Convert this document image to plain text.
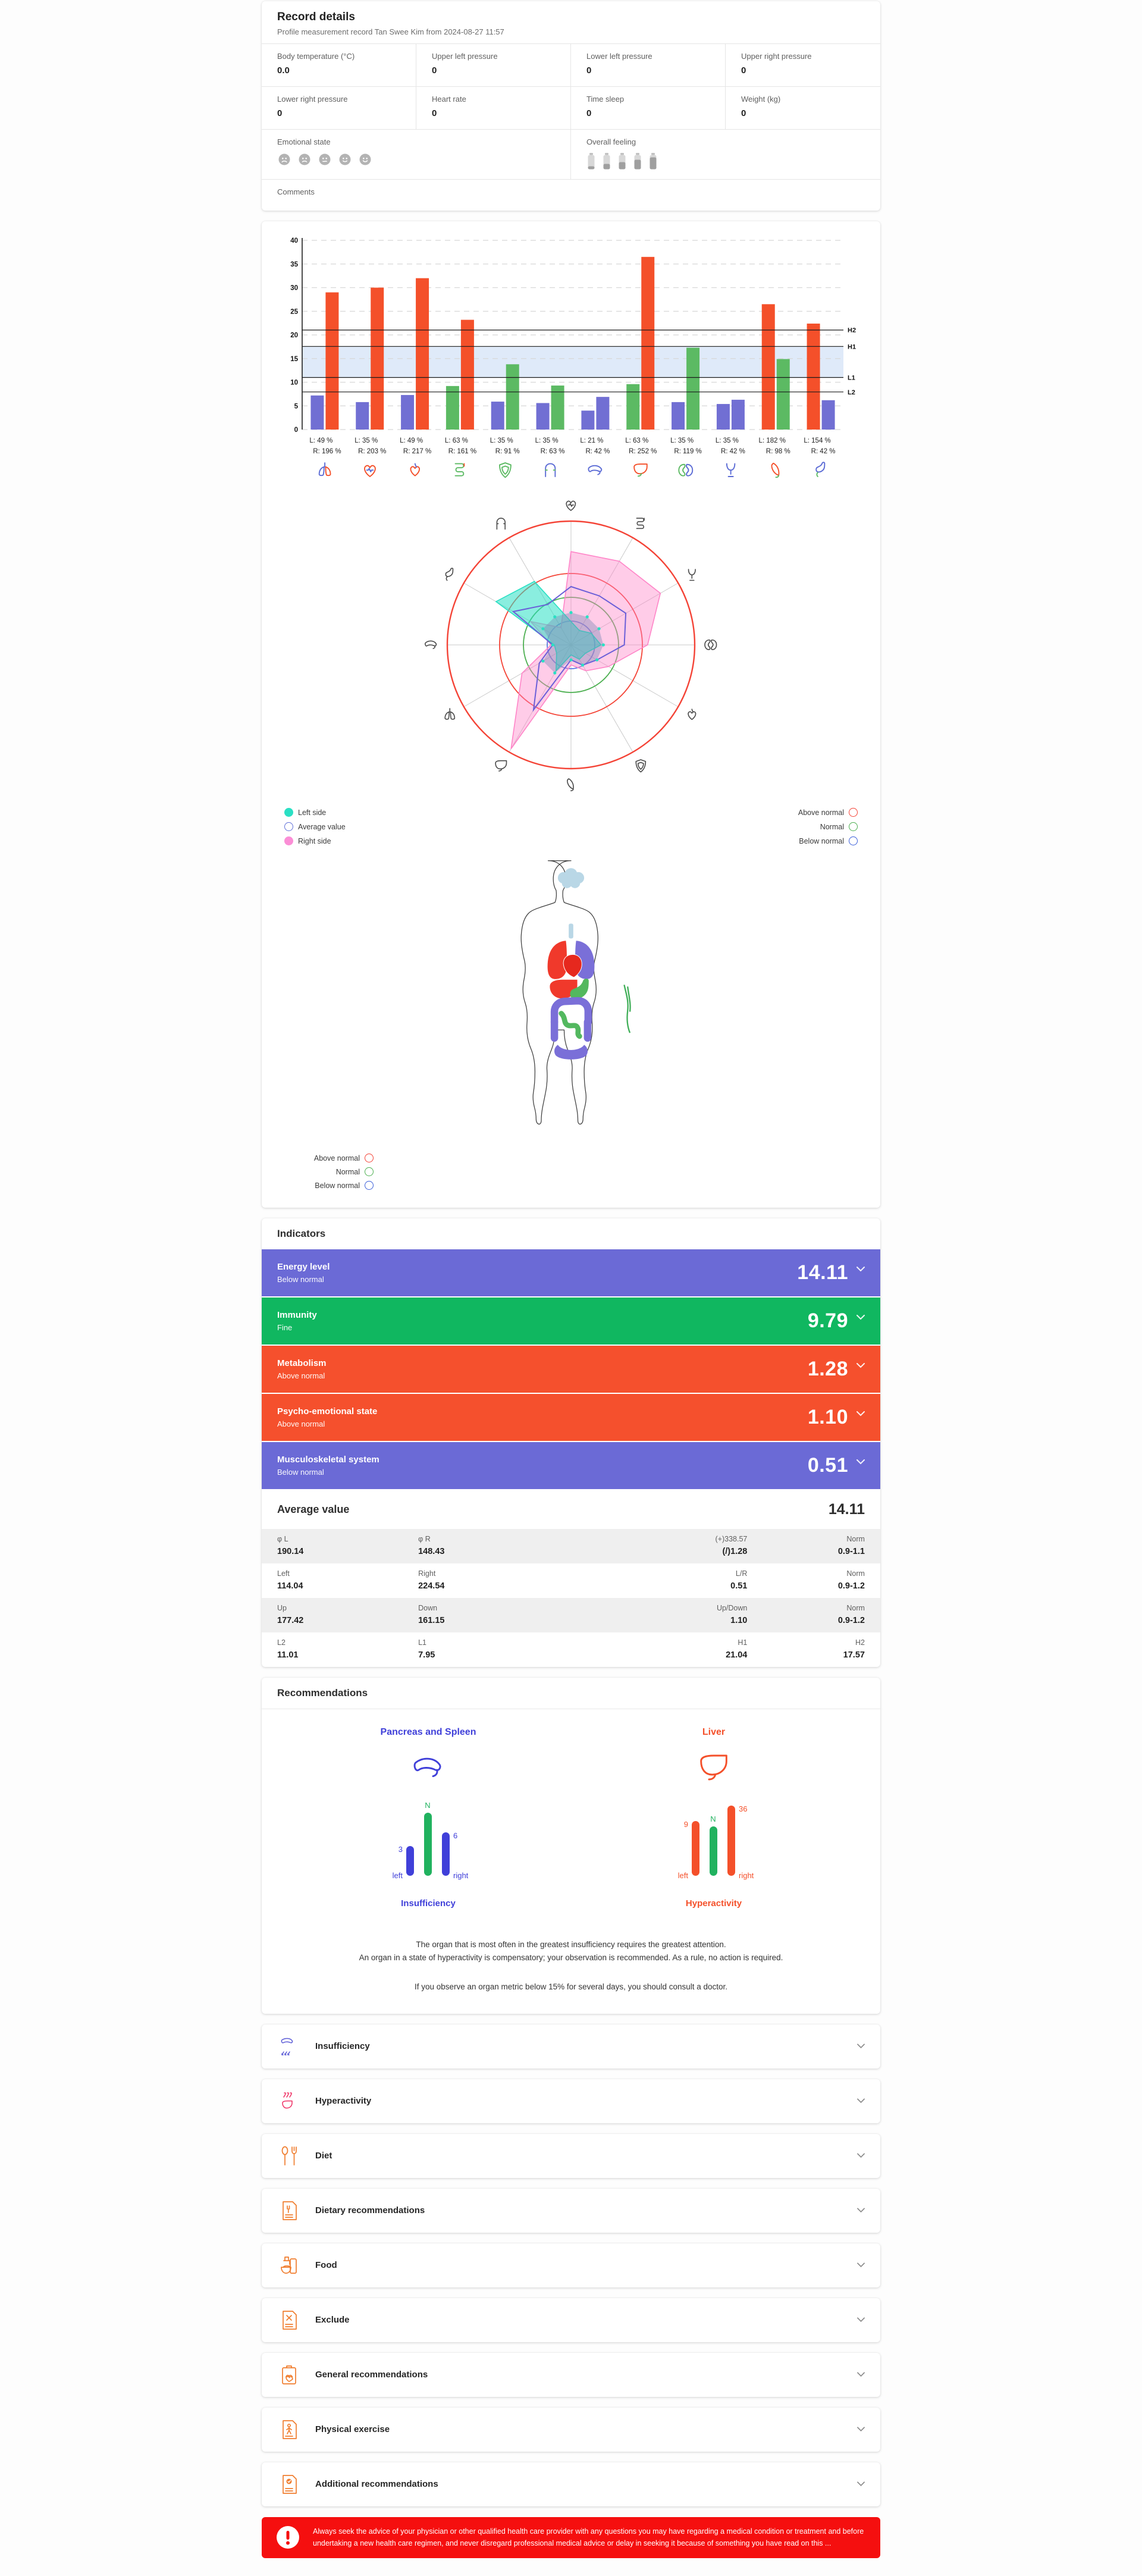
Record details
Profile measurement record Tan Swee Kim from 2024-08-27 11:57
Body temperature (°C)
0.0
Upper left pressure
0
Lower left pressure
0
Upper right pressure
0
Lower right pressure
0
Heart rate
0
Time sleep
0
Weight (kg)
0
Emotional state	Overall feeling
Comments
0
5
10
15
20
25
30
35
40
L: 49 %
R: 196 %
L: 35 %
R: 203 %
L: 49 %
R: 217 %
L: 63 %
R: 161 %
L: 35 %
R: 91 %
L: 35 %
R: 63 %
L: 21 %
R: 42 %
L: 63 %
R: 252 %
L: 35 %
R: 119 %
L: 35 %
R: 42 %
L: 182 %
R: 98 %
L: 154 %
R: 42 %
H2
H1
L1
L2
Left side
Average value
Right side
Above normal
Normal
Below normal
Above normal
Normal
Below normal
Indicators
Energy level
Below normal	14.11
Immunity
Fine	9.79
Metabolism
Above normal	1.28
Psycho-emotional state
Above normal	1.10
Musculoskeletal system
Below normal	0.51
Average value	14.11
φ L
190.14
φ R
148.43
(+)338.57
(/)1.28
Norm
0.9-1.1
Left
114.04
Right
224.54
L/R
0.51
Norm
0.9-1.2
Up
177.42
Down
161.15
Up/Down
1.10
Norm
0.9-1.2
L2
11.01
L1
7.95
H1
21.04
H2
17.57
Recommendations
Pancreas and Spleen
3
N
6
left	right
Insufficiency
Liver
9
N
36
left	right
Hyperactivity
The organ that is most often in the greatest insufficiency requires the greatest attention.
An organ in a state of hyperactivity is compensatory; your observation is recommended. As a rule, no action is required.
If you observe an organ metric below 15% for several days, you should consult a doctor.
Insufficiency
Hyperactivity
Diet
Dietary recommendations
Food
Exclude
General recommendations
Physical exercise
Additional recommendations
Always seek the advice of your physician or other qualified health care provider with any questions you may have regarding a medical condition or treatment and before undertaking a new health care regimen, and never disregard professional medical advice or delay in seeking it because of something you have read on this ...
